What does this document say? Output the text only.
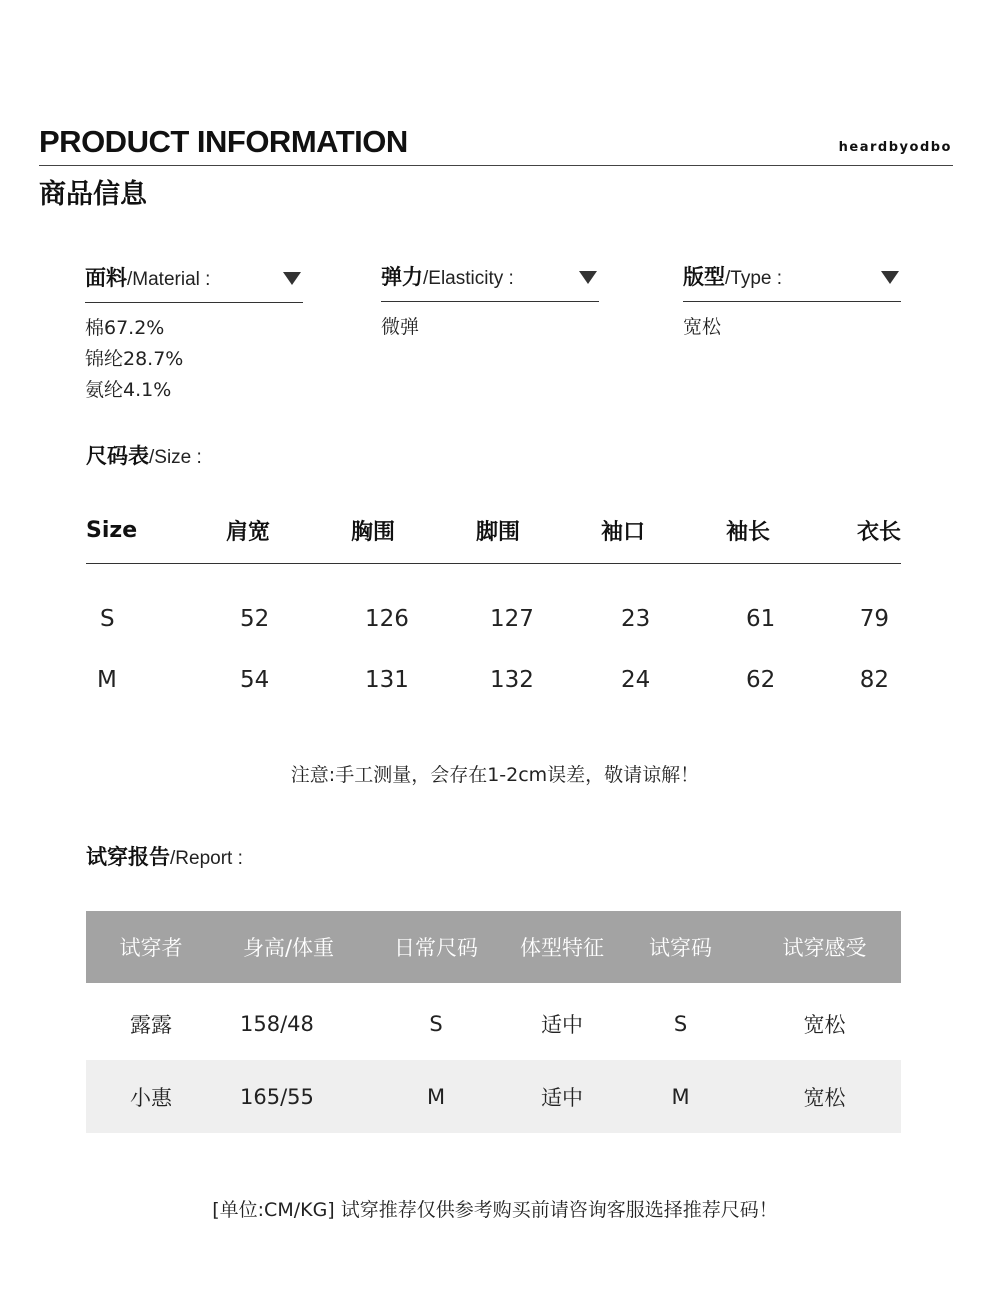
PRODUCT INFORMATION	heardbyodbo
商品信息
面料/Material :
棉67.2%
锦纶28.7%
氨纶4.1%
弹力/Elasticity :
微弹
版型/Type :
宽松
尺码表/Size :
Size	肩宽	胸围	脚围	袖口	袖长	衣长
S	52	126	127	23	61	79
M	54	131	132	24	62	82
注意:手工测量，会存在1-2cm误差，敬请谅解！
试穿报告/Report :
试穿者	身高/体重	日常尺码	体型特征	试穿码	试穿感受
露露	158/48	S	适中	S	宽松
小惠	165/55	M	适中	M	宽松
[单位:CM/KG] 试穿推荐仅供参考购买前请咨询客服选择推荐尺码！
